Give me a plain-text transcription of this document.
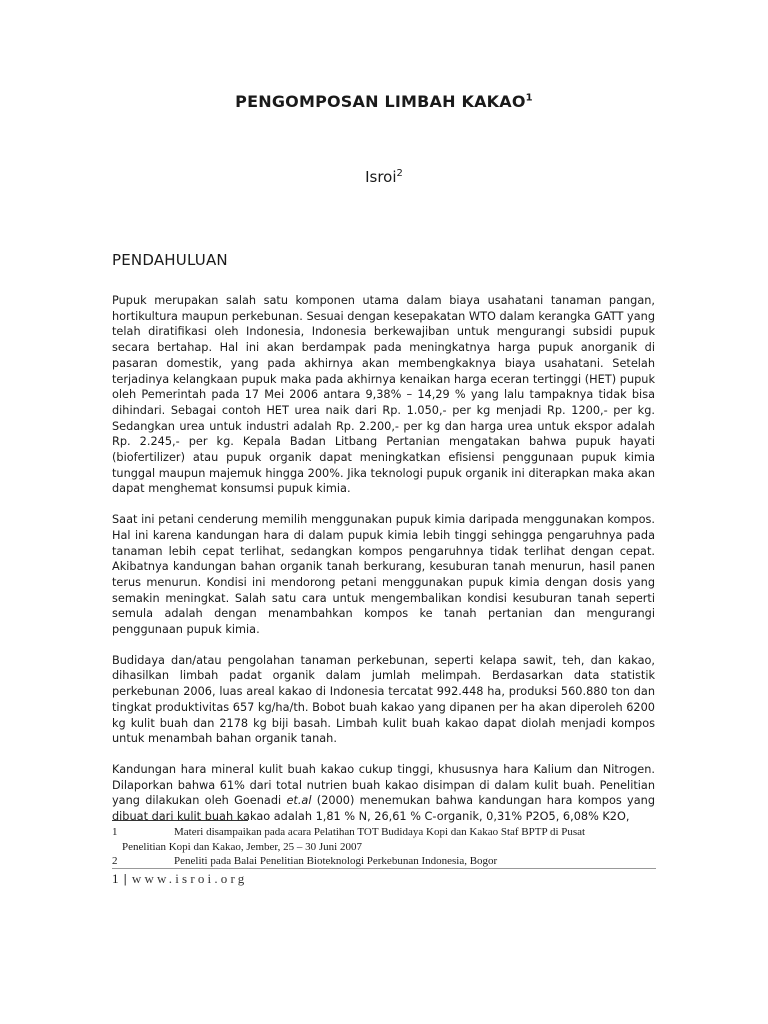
PENGOMPOSAN LIMBAH KAKAO$^1$
Isroi$^2$
PENDAHULUAN

Pupuk merupakan salah satu komponen utama dalam biaya usahatani tanaman pangan, hortikultura maupun perkebunan. Sesuai dengan kesepakatan WTO dalam kerangka GATT yang telah diratifikasi oleh Indonesia, Indonesia berkewajiban untuk mengurangi subsidi pupuk secara bertahap. Hal ini akan berdampak pada meningkatnya harga pupuk anorganik di pasaran domestik, yang pada akhirnya akan membengkaknya biaya usahatani. Setelah terjadinya kelangkaan pupuk maka pada akhirnya kenaikan harga eceran tertinggi (HET) pupuk oleh Pemerintah pada 17 Mei 2006 antara 9,38% – 14,29 % yang lalu tampaknya tidak bisa dihindari. Sebagai contoh HET urea naik dari Rp. 1.050,- per kg menjadi Rp. 1200,- per kg. Sedangkan urea untuk industri adalah Rp. 2.200,- per kg dan harga urea untuk ekspor adalah Rp. 2.245,- per kg. Kepala Badan Litbang Pertanian mengatakan bahwa pupuk hayati (biofertilizer) atau pupuk organik dapat meningkatkan efisiensi penggunaan pupuk kimia tunggal maupun majemuk hingga 200%. Jika teknologi pupuk organik ini diterapkan maka akan dapat menghemat konsumsi pupuk kimia.

Saat ini petani cenderung memilih menggunakan pupuk kimia daripada menggunakan kompos. Hal ini karena kandungan hara di dalam pupuk kimia lebih tinggi sehingga pengaruhnya pada tanaman lebih cepat terlihat, sedangkan kompos pengaruhnya tidak terlihat dengan cepat. Akibatnya kandungan bahan organik tanah berkurang, kesuburan tanah menurun, hasil panen terus menurun. Kondisi ini mendorong petani menggunakan pupuk kimia dengan dosis yang semakin meningkat. Salah satu cara untuk mengembalikan kondisi kesuburan tanah seperti semula adalah dengan menambahkan kompos ke tanah pertanian dan mengurangi penggunaan pupuk kimia.

Budidaya dan/atau pengolahan tanaman perkebunan, seperti kelapa sawit, teh, dan kakao, dihasilkan limbah padat organik dalam jumlah melimpah. Berdasarkan data statistik perkebunan 2006, luas areal kakao di Indonesia tercatat 992.448 ha, produksi 560.880 ton dan tingkat produktivitas 657 kg/ha/th. Bobot buah kakao yang dipanen per ha akan diperoleh 6200 kg kulit buah dan 2178 kg biji basah. Limbah kulit buah kakao dapat diolah menjadi kompos untuk menambah bahan organik tanah.

Kandungan hara mineral kulit buah kakao cukup tinggi, khususnya hara Kalium dan Nitrogen. Dilaporkan bahwa 61% dari total nutrien buah kakao disimpan di dalam kulit buah. Penelitian yang dilakukan oleh Goenadi et.al (2000) menemukan bahwa kandungan hara kompos yang dibuat dari kulit buah kakao adalah 1,81 % N, 26,61 % C-organik, 0,31% P2O5, 6,08% K2O,

1	Materi disampaikan pada acara Pelatihan TOT Budidaya Kopi dan Kakao Staf BPTP di Pusat
Penelitian Kopi dan Kakao, Jember, 25 – 30 Juni 2007
2	Peneliti pada Balai Penelitian Bioteknologi Perkebunan Indonesia, Bogor
1 | www.isroi.org
